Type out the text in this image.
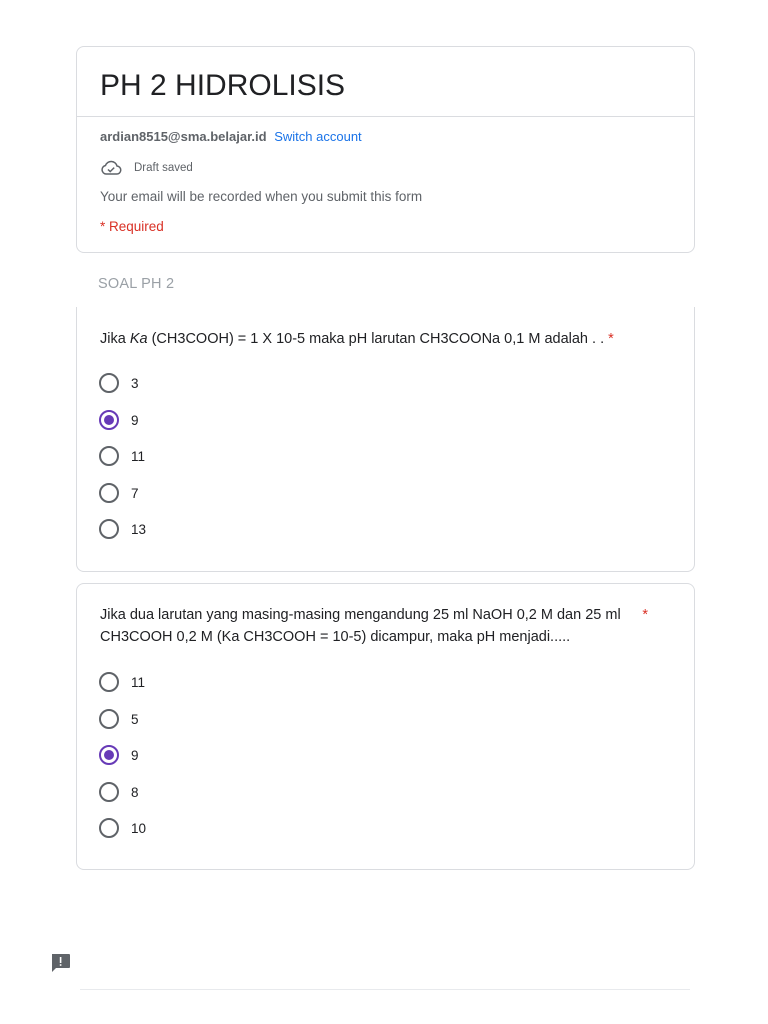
PH 2 HIDROLISIS
ardian8515@sma.belajar.id Switch account
Draft saved
Your email will be recorded when you submit this form
* Required
SOAL PH 2
Jika Ka (CH3COOH) = 1 X 10-5 maka pH larutan CH3COONa 0,1 M adalah . . *
3
9
11
7
13
Jika dua larutan yang masing-masing mengandung 25 ml NaOH 0,2 M dan 25 ml CH3COOH 0,2 M (Ka CH3COOH = 10-5) dicampur, maka pH menjadi.....
*
11
5
9
8
10
